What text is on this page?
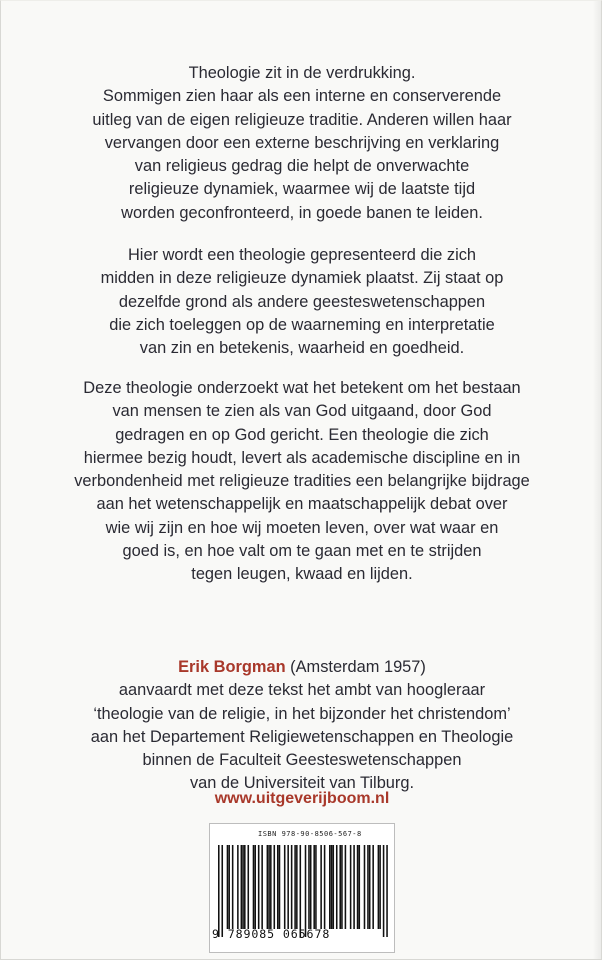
Theologie zit in de verdrukking.
Sommigen zien haar als een interne en conserverende
uitleg van de eigen religieuze traditie. Anderen willen haar
vervangen door een externe beschrijving en verklaring
van religieus gedrag die helpt de onverwachte
religieuze dynamiek, waarmee wij de laatste tijd
worden geconfronteerd, in goede banen te leiden.
Hier wordt een theologie gepresenteerd die zich
midden in deze religieuze dynamiek plaatst. Zij staat op
dezelfde grond als andere geesteswetenschappen
die zich toeleggen op de waarneming en interpretatie
van zin en betekenis, waarheid en goedheid.
Deze theologie onderzoekt wat het betekent om het bestaan
van mensen te zien als van God uitgaand, door God
gedragen en op God gericht. Een theologie die zich
hiermee bezig houdt, levert als academische discipline en in
verbondenheid met religieuze tradities een belangrijke bijdrage
aan het wetenschappelijk en maatschappelijk debat over
wie wij zijn en hoe wij moeten leven, over wat waar en
goed is, en hoe valt om te gaan met en te strijden
tegen leugen, kwaad en lijden.
Erik Borgman (Amsterdam 1957)
aanvaardt met deze tekst het ambt van hoogleraar
‘theologie van de religie, in het bijzonder het christendom’
aan het Departement Religiewetenschappen en Theologie
binnen de Faculteit Geesteswetenschappen
van de Universiteit van Tilburg.

www.uitgeverijboom.nl

ISBN 978-90-8506-567-8
9 789085 065678
